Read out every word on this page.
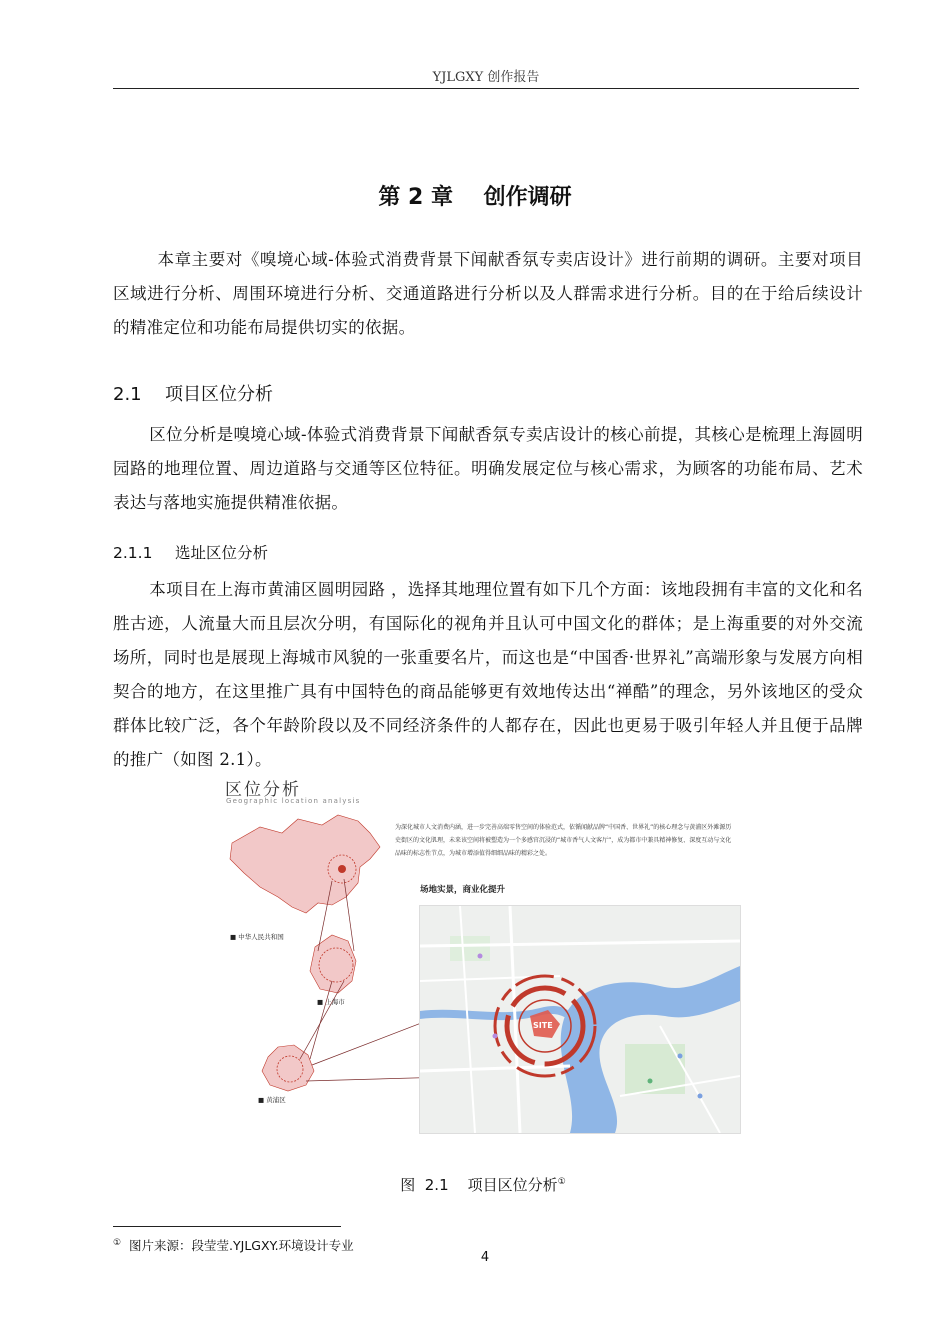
YJLGXY 创作报告
第 2 章    创作调研
本章主要对《嗅境心域-体验式消费背景下闻献香氛专卖店设计》进行前期的调研。主要对项目区域进行分析、周围环境进行分析、交通道路进行分析以及人群需求进行分析。目的在于给后续设计的精准定位和功能布局提供切实的依据。
2.1 项目区位分析
区位分析是嗅境心域-体验式消费背景下闻献香氛专卖店设计的核心前提，其核心是梳理上海圆明园路的地理位置、周边道路与交通等区位特征。明确发展定位与核心需求，为顾客的功能布局、艺术表达与落地实施提供精准依据。
2.1.1 选址区位分析
本项目在上海市黄浦区圆明园路 ，选择其地理位置有如下几个方面：该地段拥有丰富的文化和名胜古迹，人流量大而且层次分明，有国际化的视角并且认可中国文化的群体；是上海重要的对外交流场所，同时也是展现上海城市风貌的一张重要名片，而这也是“中国香·世界礼”高端形象与发展方向相契合的地方，在这里推广具有中国特色的商品能够更有效地传达出“禅酷”的理念，另外该地区的受众群体比较广泛，各个年龄阶段以及不同经济条件的人都存在，因此也更易于吸引年轻人并且便于品牌的推广（如图 2.1）。
区位分析
Geographic location analysis
为深化城市人文消费内涵，进一步完善高端零售空间的体验范式，依循闻献品牌“中国香、世界礼”的核心理念与黄浦区外滩源历史街区的文化肌理，未来该空间将被塑造为一个多感官沉浸的“城市香气人文客厅”，成为都市中兼具精神修复、深度互动与文化品味的标志性节点，为城市增添值得细细品味的精彩之处。
场地实景，商业化提升
■ 中华人民共和国
■ 上海市
■ 黄浦区
SITE
图  2.1    项目区位分析①
①  图片来源：段莹莹.YJLGXY.环境设计专业
4
